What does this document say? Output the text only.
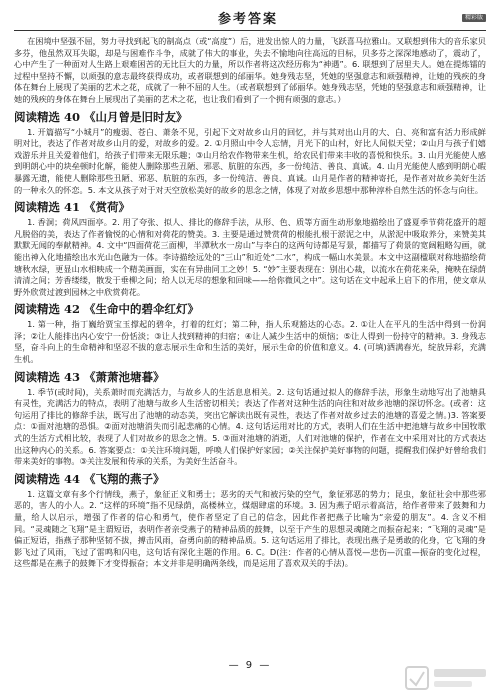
参考答案	精彩版

在困境中坚强不屈，努力寻找到起飞的制高点（或“高度”）后，进发出惊人的力量，飞跃喜马拉雅山。又联想到伟大的音乐家贝多芬，他虽然双耳失聪，却是与困难作斗争，成就了伟大的事业，失去不愉地向往高远的目标，贝多芬之深深地感动了，震动了，心中产生了一种面对人生路上艰难困苦的无比巨大的力量，所以作者将这次经历称为“神遇”。6. 联想到了居里夫人。她在提炼镭的过程中坚持不懈，以顽强的意志最终获得成功，或者联想到的邰丽华。她身残志坚，凭她的坚强意志和顽强精神，让她的残疾的身体在舞台上展现了美丽的艺术之花，成就了一种不屈的人生。（或者联想到了邰丽华。她身残志坚，凭她的坚强意志和顽强精神，让她的残疾的身体在舞台上展现出了美丽的艺术之花，也让我们看到了一个拥有顽强的意志。）

阅读精选 40 《山月曾是旧时友》

1. 开篇描写“小城月”的瘦弱、苍白、萧条不见，引起下文对故乡山月的回忆，并与其对出山月的大、白、亮和富有活力形成鲜明对比，表达了作者对故乡山月的爱，对故乡的爱。2. ①月照山中令人忘情，月光下的山村，好比人间似天堂；②山月与孩子们嬉戏游乐并且关爱着他们，给孩子们带来无限乐趣；③山月给农作物带来生机，给农民们带来丰收的喜悦和快乐。3. 山月光能使人感到明朗心中的块垒顿时化解，能使人删除那些丑陋、邪恶、肮脏的东西，多一份纯洁、善良、真诚。4. 山月光能使人感到明朗心暇暴露无遗，能使人删除那些丑陋、邪恶、肮脏的东西，多一份纯洁、善良、真诚。山月是作者的精神寄托，是作者对故乡美好生活的一种永久的怀恋。5. 本文从孩子对于对天空放松美好的故乡的思念之情，体现了对故乡思想中那种淳朴自然生活的怀念与向往。

阅读精选 41 《赏荷》

1. 香洞；荷风四面亭。2. 用了夸张、拟人、排比的修辞手法，从形、色、质等方面生动形象地描绘出了盛夏季节荷花盛开的超凡脱俗的美，表达了作者愉悦的心情和对荷花的赞美。3. 主要是通过赞赏荷的根能扎根于淤泥之中，从淤泥中吸取养分，来赞美其默默无闻的奉献精神。4. 文中“四面荷花三面柳，半潭秋水一房山”与李白的这两句诗都是写景，都描写了荷景的宽阔粗略勾画，就能出神入化地描绘出水光山色融为一体。李诗描绘远处的“三山”和近处“二水”，构成一幅山水美景。本文中这副楹联对称地描绘荷塘秋水绿，更显山水相映成一个精美画面，实在有异曲同工之妙！5. “妙”主要表现在：别出心裁，以流水在荷花来朵，掩映在绿荫清清之间；芳香缕缕，散发于垂柳之间；给人以无尽的想象和回味——给你微风之中”。这句话在文中起承上启下的作用，使文章从野外欣赏过渡到园林之中欣赏荷花。

阅读精选 42 《生命中的碧伞红灯》

1. 第一种，指丁巍给贾宝玉撑起的碧伞，打着的红灯；第二种，指人乐观豁达的心态。2. ①让人在平凡的生活中得到一份润泽；②让人能排出内心安宁一份恬淡；③让人找到精神的归宿；④让人减少生活中的烦恼；⑤让人得到一份持守的精神。3. 身残志坚，奋斗向上的生命精神和坚忍不拔的意志展示生命和生活的美好，展示生命的价值和意义。4. (可填)洒满春光，绽放异彩，充满生机。

阅读精选 43 《萧萧池塘暮》

1. 季节(或时间)，关系萧时而充满活力，与故乡人的生活息息相关。2. 这句话通过拟人的修辞手法，形象生动地写出了池塘具有灵性，充满活力的特点，表明了池塘与故乡人生活密切相关；表达了作者对这种生活的向往和对故乡池塘的深切怀念。(或者：这句运用了排比的修辞手法，既写出了池塘的动态美，突出它解读出既有灵性，表达了作者对故乡过去的池塘的喜爱之情。)3. 答案要点：①面对池塘的恐惧。②面对池塘消失而引起悲痛的心情。4. 这句话运用对比的方式，表明人们在生活中把池塘与故乡中国牧歌式的生活方式相比较，表现了人们对故乡的思念之情。5. ③面对池塘的消逝，人们对池塘的保护，作者在文中采用对比的方式表达出这种内心的关系。6. 答案要点：①关注环境问题，呼唤人们保护好家园；②关注保护美好事物的问题，提醒我们保护好曾给我们带来美好的事物。③关注发展和传承的关系，为美好生活奋斗。

阅读精选 44 《飞翔的燕子》

1. 这篇文章有多个行情线，燕子，象征正义和勇士；恶劣的天气和被污染的空气，象征邪恶的势力；昆虫，象征社会中那些邪恶的，害人的小人。2. “这样的环境”指不见绿荫，高楼林立，煤烟肆虐的环境。3. 因为燕子昭示着高洁，给作者带来了鼓舞和力量，给人以启示，增强了作者的信心和勇气，使作者坚定了自己的信念，因此作者把燕子比喻为“亲爱的朋友”。4. 含义不相同。“灵魂随之飞翔”是主谓短语，表明作者亲受燕子的精神品质的鼓舞，以至于产生的思想灵魂随之而振奋起来；“飞翔的灵魂”是偏正短语，指燕子那种坚韧不拔，搏击风雨，奋勇向前的精神品质。5. 这句话运用了排比，表现出燕子是勇敢的化身，它飞翔的身影飞过了风雨，飞过了雷鸣和闪电，这句话有深化主题的作用。6. C。D(注：作者的心情从喜悦—悲伤—沉重—振奋的变化过程，这些都是在燕子的鼓舞下才变得振奋；本文并非是明确两条线，而是运用了喜欢双关的手法)。

— 9 —
